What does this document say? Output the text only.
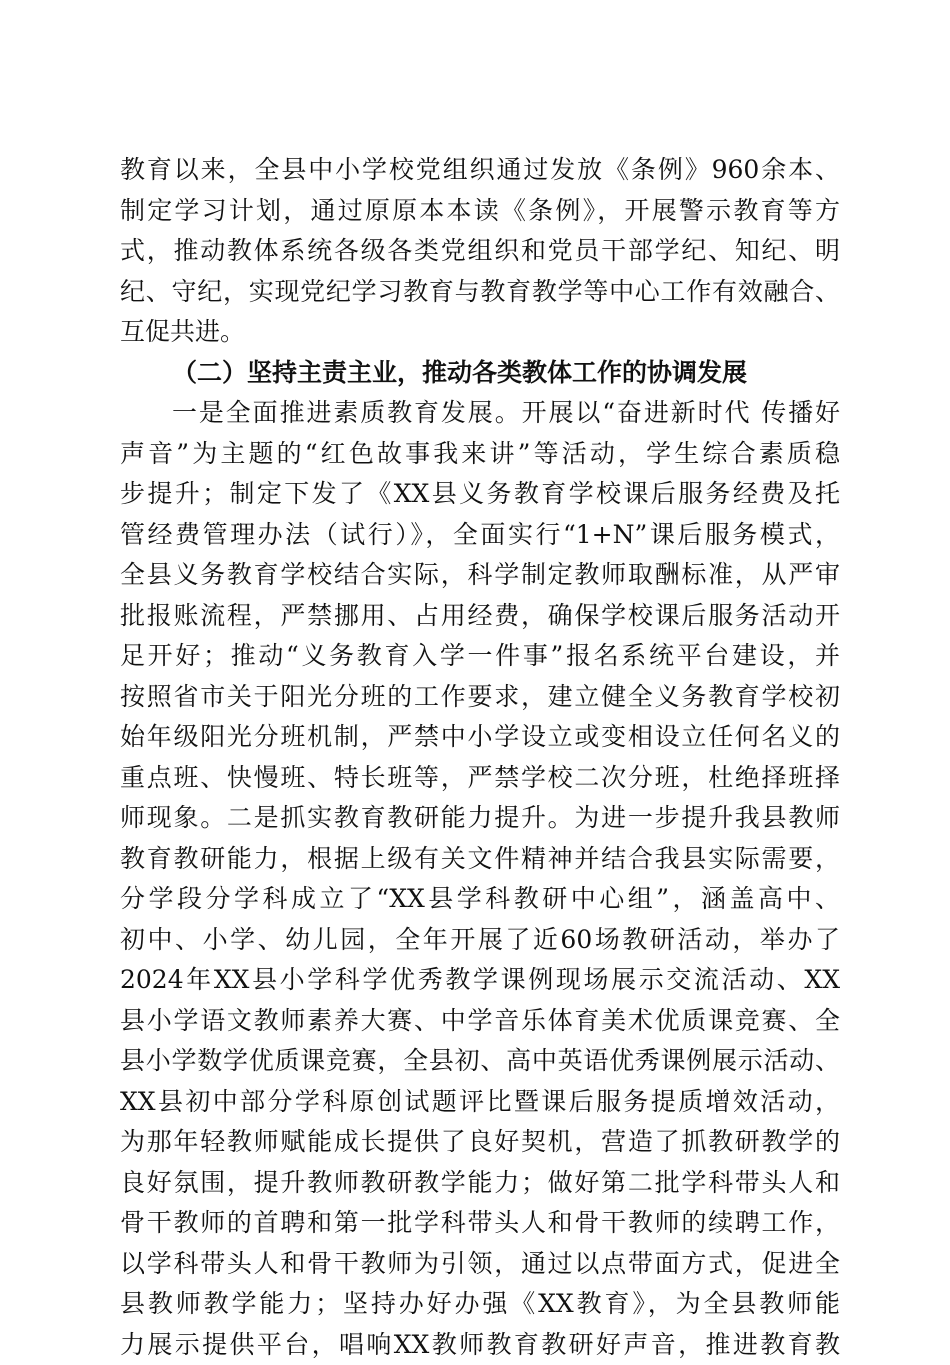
教育以来，全县中小学校党组织通过发放《条例》960余本、
制定学习计划，通过原原本本读《条例》，开展警示教育等方
式，推动教体系统各级各类党组织和党员干部学纪、知纪、明
纪、守纪，实现党纪学习教育与教育教学等中心工作有效融合、
互促共进。
（二）坚持主责主业，推动各类教体工作的协调发展
一是全面推进素质教育发展。开展以“奋进新时代 传播好
声音”为主题的“红色故事我来讲”等活动，学生综合素质稳
步提升；制定下发了《XX县义务教育学校课后服务经费及托
管经费管理办法（试行）》，全面实行“1+N”课后服务模式，
全县义务教育学校结合实际，科学制定教师取酬标准，从严审
批报账流程，严禁挪用、占用经费，确保学校课后服务活动开
足开好；推动“义务教育入学一件事”报名系统平台建设，并
按照省市关于阳光分班的工作要求，建立健全义务教育学校初
始年级阳光分班机制，严禁中小学设立或变相设立任何名义的
重点班、快慢班、特长班等，严禁学校二次分班，杜绝择班择
师现象。二是抓实教育教研能力提升。为进一步提升我县教师
教育教研能力，根据上级有关文件精神并结合我县实际需要，
分学段分学科成立了“XX县学科教研中心组”，涵盖高中、
初中、小学、幼儿园，全年开展了近60场教研活动，举办了
2024年XX县小学科学优秀教学课例现场展示交流活动、XX
县小学语文教师素养大赛、中学音乐体育美术优质课竞赛、全
县小学数学优质课竞赛，全县初、高中英语优秀课例展示活动、
XX县初中部分学科原创试题评比暨课后服务提质增效活动，
为那年轻教师赋能成长提供了良好契机，营造了抓教研教学的
良好氛围，提升教师教研教学能力；做好第二批学科带头人和
骨干教师的首聘和第一批学科带头人和骨干教师的续聘工作，
以学科带头人和骨干教师为引领，通过以点带面方式，促进全
县教师教学能力；坚持办好办强《XX教育》，为全县教师能
力展示提供平台，唱响XX教师教育教研好声音，推进教育教
